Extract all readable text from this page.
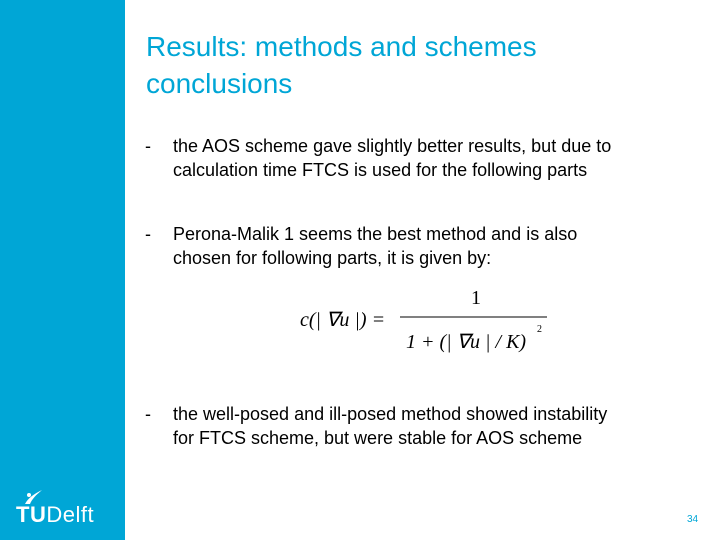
TUDelft
Results: methods and schemes
conclusions
- the AOS scheme gave slightly better results, but due to
calculation time FTCS is used for the following parts
- Perona-Malik 1 seems the best method and is also
chosen for following parts, it is given by:
c(| ∇u |) =
1
1 + (| ∇u | / K)
2
- the well-posed and ill-posed method showed instability
for FTCS scheme, but were stable for AOS scheme
34
